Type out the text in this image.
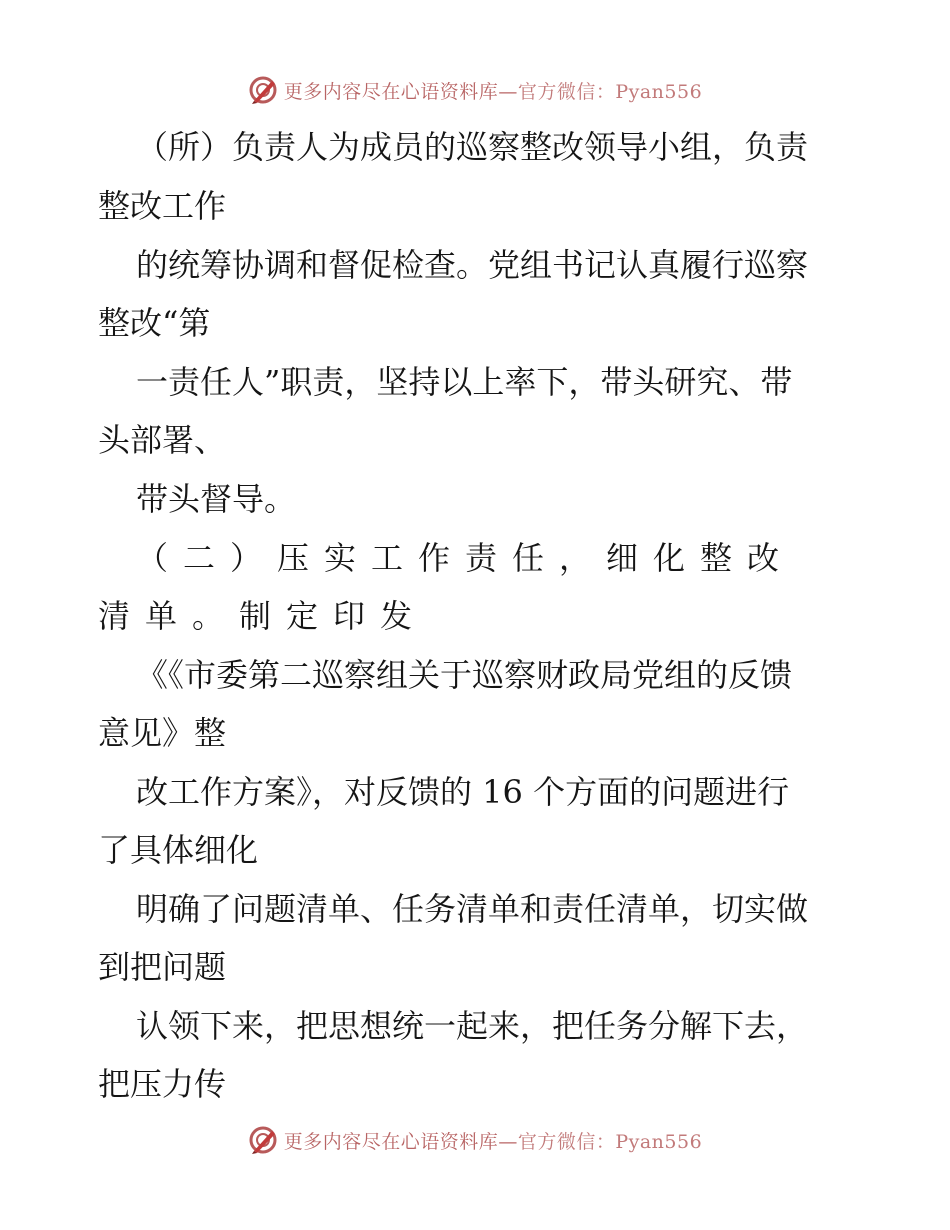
更多内容尽在心语资料库—官方微信：Pyan556
（所）负责人为成员的巡察整改领导小组，负责
整改工作
的统筹协调和督促检查。党组书记认真履行巡察
整改“第
一责任人”职责，坚持以上率下，带头研究、带
头部署、
带头督导。
（二）压实工作责任，细化整改
清单。制定印发
《《市委第二巡察组关于巡察财政局党组的反馈
意见》整
改工作方案》，对反馈的 16 个方面的问题进行
了具体细化
明确了问题清单、任务清单和责任清单，切实做
到把问题
认领下来，把思想统一起来，把任务分解下去，
把压力传
更多内容尽在心语资料库—官方微信：Pyan556
